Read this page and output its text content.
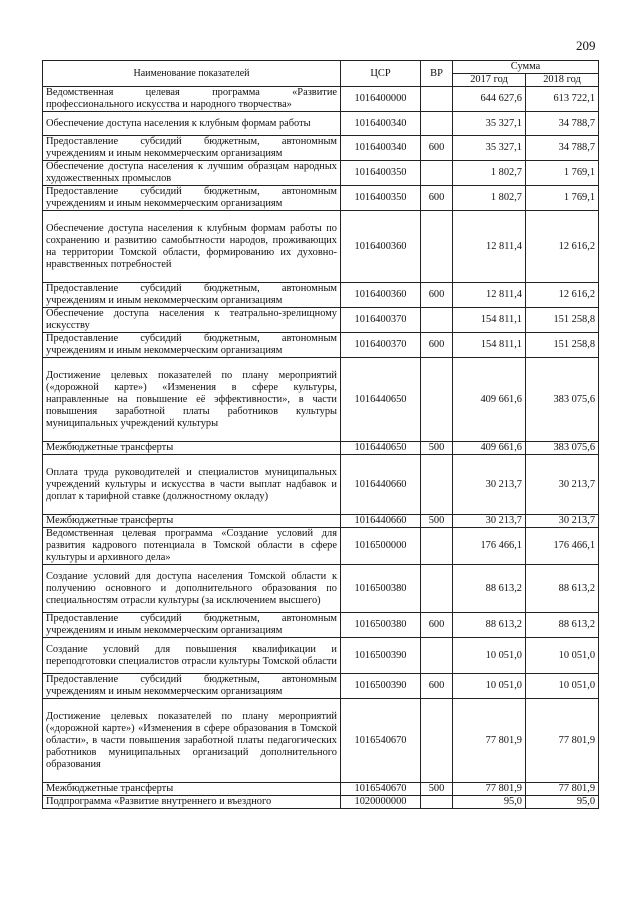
209
Наименование показателей	ЦСР	ВР	Сумма	
			2017 год	2018 год
Ведомственная целевая программа «Развитие профессионального искусства и народного творчества»	1016400000		644 627,6	613 722,1
Обеспечение доступа населения к клубным формам работы	1016400340		35 327,1	34 788,7
Предоставление субсидий бюджетным, автономным учреждениям и иным некоммерческим организациям	1016400340	600	35 327,1	34 788,7
Обеспечение доступа населения к лучшим образцам народных художественных промыслов	1016400350		1 802,7	1 769,1
Предоставление субсидий бюджетным, автономным учреждениям и иным некоммерческим организациям	1016400350	600	1 802,7	1 769,1
Обеспечение доступа населения к клубным формам работы по сохранению и развитию самобытности народов, проживающих на территории Томской области, формированию их духовно-нравственных потребностей	1016400360		12 811,4	12 616,2
Предоставление субсидий бюджетным, автономным учреждениям и иным некоммерческим организациям	1016400360	600	12 811,4	12 616,2
Обеспечение доступа населения к театрально-зрелищному искусству	1016400370		154 811,1	151 258,8
Предоставление субсидий бюджетным, автономным учреждениям и иным некоммерческим организациям	1016400370	600	154 811,1	151 258,8
Достижение целевых показателей по плану мероприятий («дорожной карте») «Изменения в сфере культуры, направленные на повышение её эффективности», в части повышения заработной платы работников культуры муниципальных учреждений культуры	1016440650		409 661,6	383 075,6
Межбюджетные трансферты	1016440650	500	409 661,6	383 075,6
Оплата труда руководителей и специалистов муниципальных учреждений культуры и искусства в части выплат надбавок и доплат к тарифной ставке (должностному окладу)	1016440660		30 213,7	30 213,7
Межбюджетные трансферты	1016440660	500	30 213,7	30 213,7
Ведомственная целевая программа «Создание условий для развития кадрового потенциала в Томской области в сфере культуры и архивного дела»	1016500000		176 466,1	176 466,1
Создание условий для доступа населения Томской области к получению основного и дополнительного образования по специальностям отрасли культуры (за исключением высшего)	1016500380		88 613,2	88 613,2
Предоставление субсидий бюджетным, автономным учреждениям и иным некоммерческим организациям	1016500380	600	88 613,2	88 613,2
Создание условий для повышения квалификации и переподготовки специалистов отрасли культуры Томской области	1016500390		10 051,0	10 051,0
Предоставление субсидий бюджетным, автономным учреждениям и иным некоммерческим организациям	1016500390	600	10 051,0	10 051,0
Достижение целевых показателей по плану мероприятий («дорожной карте») «Изменения в сфере образования в Томской области», в части повышения заработной платы педагогических работников муниципальных организаций дополнительного образования	1016540670		77 801,9	77 801,9
Межбюджетные трансферты	1016540670	500	77 801,9	77 801,9
Подпрограмма «Развитие внутреннего и въездного	1020000000		95,0	95,0
